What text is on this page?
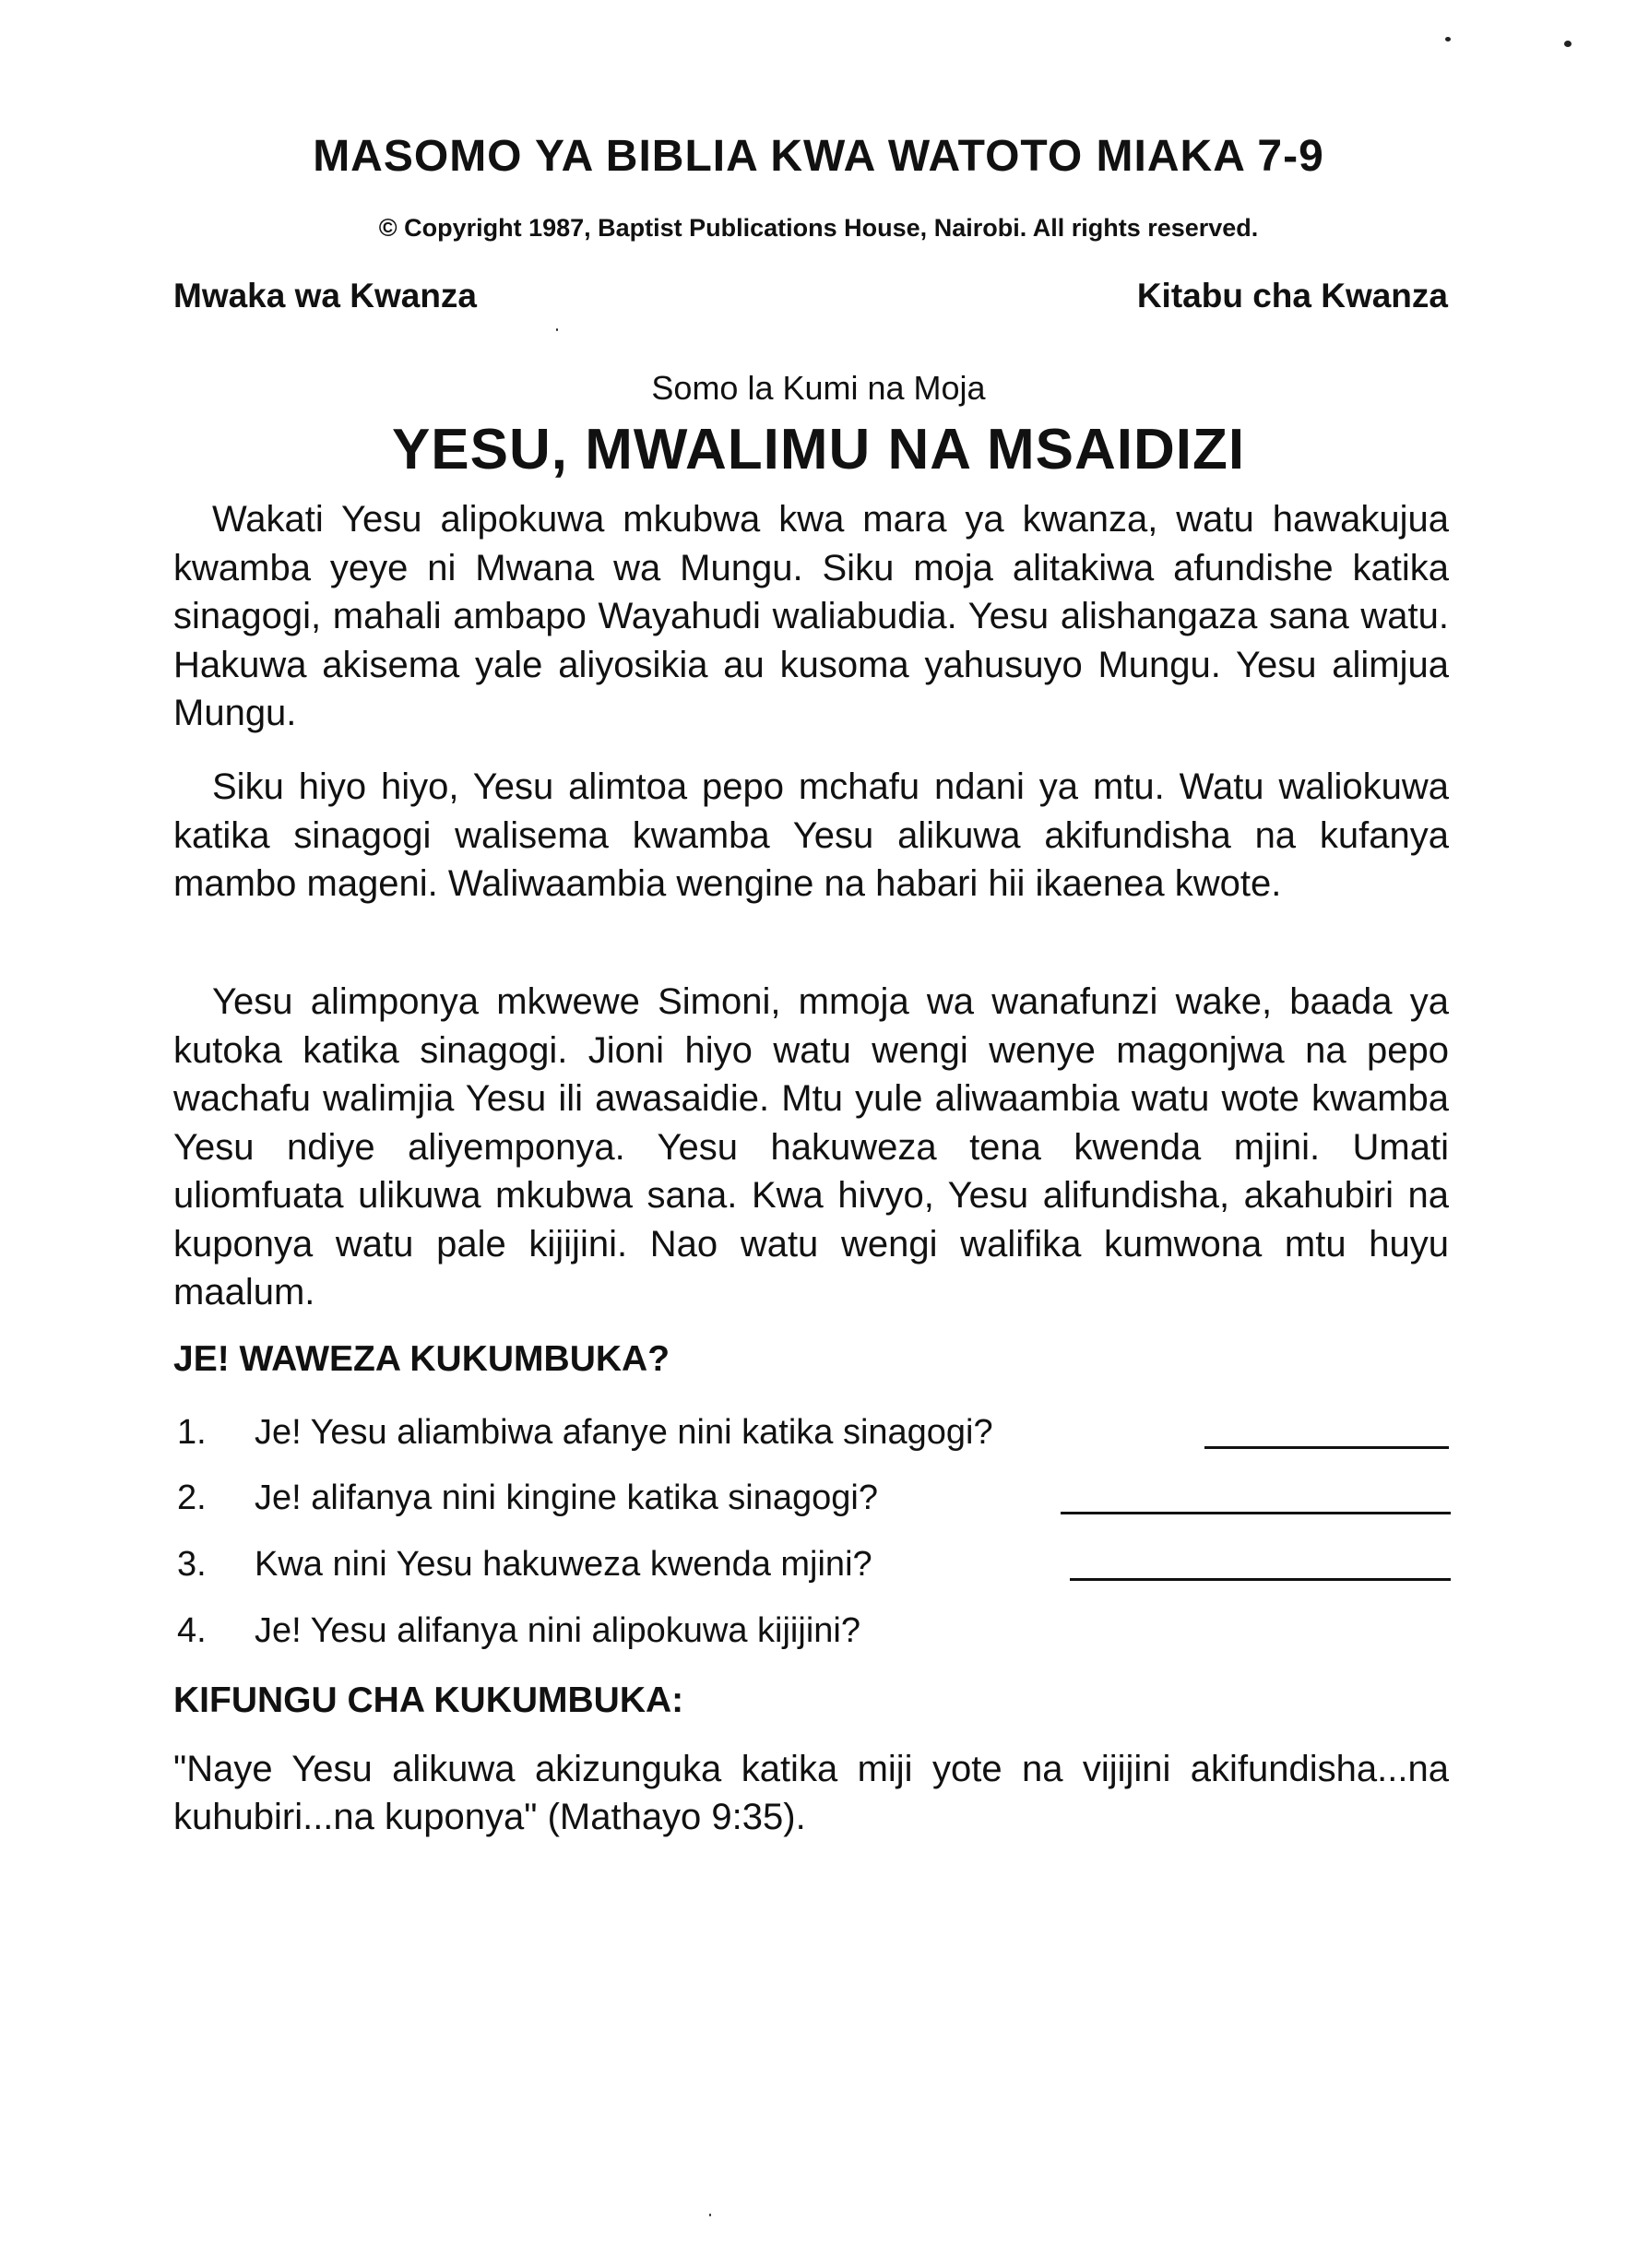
MASOMO YA BIBLIA KWA WATOTO MIAKA 7-9
© Copyright 1987, Baptist Publications House, Nairobi. All rights reserved.
Mwaka wa Kwanza	Kitabu cha Kwanza
Somo la Kumi na Moja
YESU, MWALIMU NA MSAIDIZI

Wakati Yesu alipokuwa mkubwa kwa mara ya kwanza, watu hawakujua kwamba yeye ni Mwana wa Mungu. Siku moja alitakiwa afundishe katika sinagogi, mahali ambapo Wayahudi waliabudia. Yesu alishangaza sana watu. Hakuwa akisema yale aliyosikia au kusoma yahusuyo Mungu. Yesu alimjua Mungu.

Siku hiyo hiyo, Yesu alimtoa pepo mchafu ndani ya mtu. Watu waliokuwa katika sinagogi walisema kwamba Yesu alikuwa akifundisha na kufanya mambo mageni. Waliwaambia wengine na habari hii ikaenea kwote.

Yesu alimponya mkwewe Simoni, mmoja wa wanafunzi wake, baada ya kutoka katika sinagogi. Jioni hiyo watu wengi wenye magonjwa na pepo wachafu walimjia Yesu ili awasaidie. Mtu yule aliwaambia watu wote kwamba Yesu ndiye aliyemponya. Yesu hakuweza tena kwenda mjini. Umati uliomfuata ulikuwa mkubwa sana. Kwa hivyo, Yesu alifundisha, akahubiri na kuponya watu pale kijijini. Nao watu wengi walifika kumwona mtu huyu maalum.

JE! WAWEZA KUKUMBUKA?
1. Je! Yesu aliambiwa afanye nini katika sinagogi?
2. Je! alifanya nini kingine katika sinagogi?
3. Kwa nini Yesu hakuweza kwenda mjini?
4. Je! Yesu alifanya nini alipokuwa kijijini?
KIFUNGU CHA KUKUMBUKA:

"Naye Yesu alikuwa akizunguka katika miji yote na vijijini akifundisha...na kuhubiri...na kuponya" (Mathayo 9:35).
